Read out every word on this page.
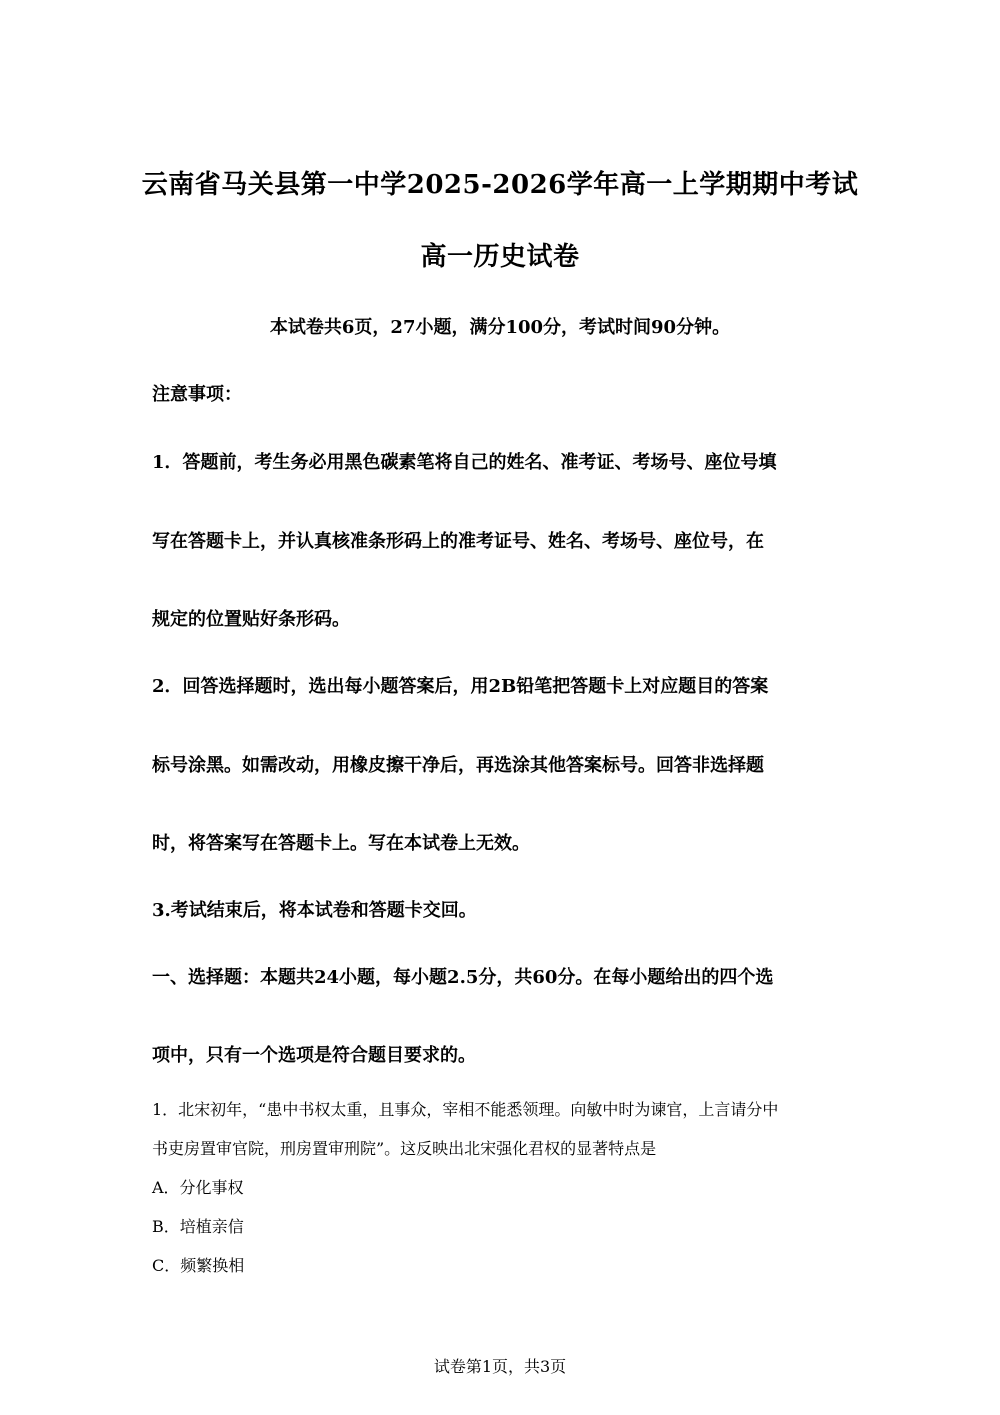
云南省马关县第一中学2025-2026学年高一上学期期中考试
高一历史试卷
本试卷共6页，27小题，满分100分，考试时间90分钟。
注意事项：
1．答题前，考生务必用黑色碳素笔将自己的姓名、准考证、考场号、座位号填
写在答题卡上，并认真核准条形码上的准考证号、姓名、考场号、座位号，在
规定的位置贴好条形码。
2．回答选择题时，选出每小题答案后，用2B铅笔把答题卡上对应题目的答案
标号涂黑。如需改动，用橡皮擦干净后，再选涂其他答案标号。回答非选择题
时，将答案写在答题卡上。写在本试卷上无效。
3.考试结束后，将本试卷和答题卡交回。
一、选择题：本题共24小题，每小题2.5分，共60分。在每小题给出的四个选
项中，只有一个选项是符合题目要求的。
1．北宋初年，“患中书权太重，且事众，宰相不能悉领理。向敏中时为谏官，上言请分中
书吏房置审官院，刑房置审刑院”。这反映出北宋强化君权的显著特点是
A．分化事权
B．培植亲信
C．频繁换相
试卷第1页，共3页
